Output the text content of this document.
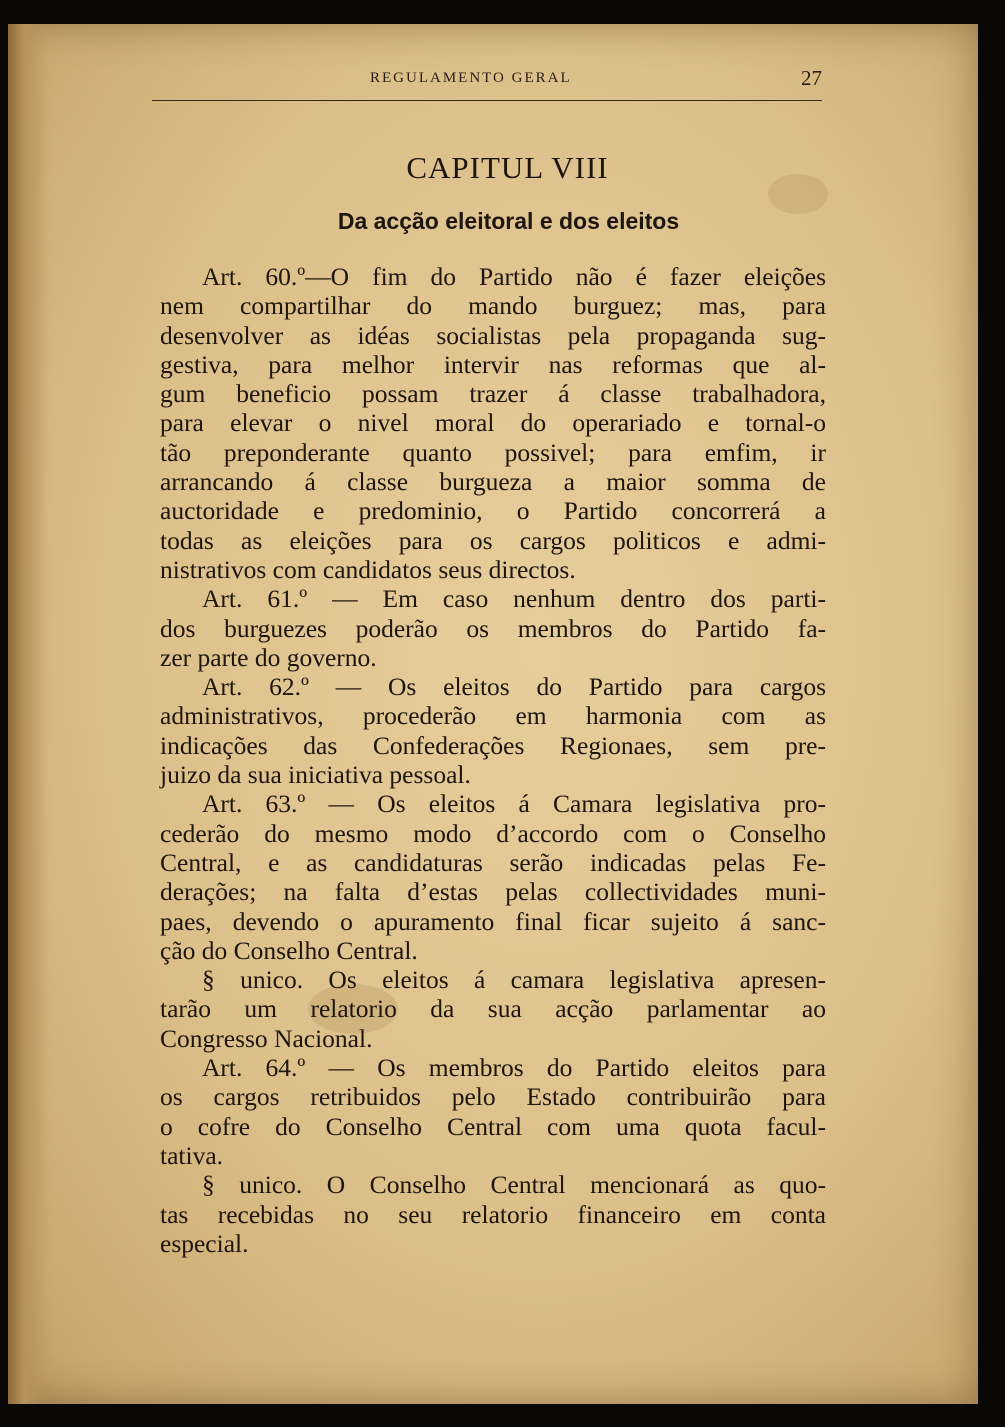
REGULAMENTO GERAL	27
CAPITUL VIII
Da acção eleitoral e dos eleitos
Art. 60.º—O fim do Partido não é fazer eleições
nem compartilhar do mando burguez; mas, para
desenvolver as idéas socialistas pela propaganda sug-
gestiva, para melhor intervir nas reformas que al-
gum beneficio possam trazer á classe trabalhadora,
para elevar o nivel moral do operariado e tornal-o
tão preponderante quanto possivel; para emfim, ir
arrancando á classe burgueza a maior somma de
auctoridade e predominio, o Partido concorrerá a
todas as eleições para os cargos politicos e admi-
nistrativos com candidatos seus directos.
Art. 61.º — Em caso nenhum dentro dos parti-
dos burguezes poderão os membros do Partido fa-
zer parte do governo.
Art. 62.º — Os eleitos do Partido para cargos
administrativos, procederão em harmonia com as
indicações das Confederações Regionaes, sem pre-
juizo da sua iniciativa pessoal.
Art. 63.º — Os eleitos á Camara legislativa pro-
cederão do mesmo modo d’accordo com o Conselho
Central, e as candidaturas serão indicadas pelas Fe-
derações; na falta d’estas pelas collectividades muni-
paes, devendo o apuramento final ficar sujeito á sanc-
ção do Conselho Central.
§ unico. Os eleitos á camara legislativa apresen-
tarão um relatorio da sua acção parlamentar ao
Congresso Nacional.
Art. 64.º — Os membros do Partido eleitos para
os cargos retribuidos pelo Estado contribuirão para
o cofre do Conselho Central com uma quota facul-
tativa.
§ unico. O Conselho Central mencionará as quo-
tas recebidas no seu relatorio financeiro em conta
especial.
